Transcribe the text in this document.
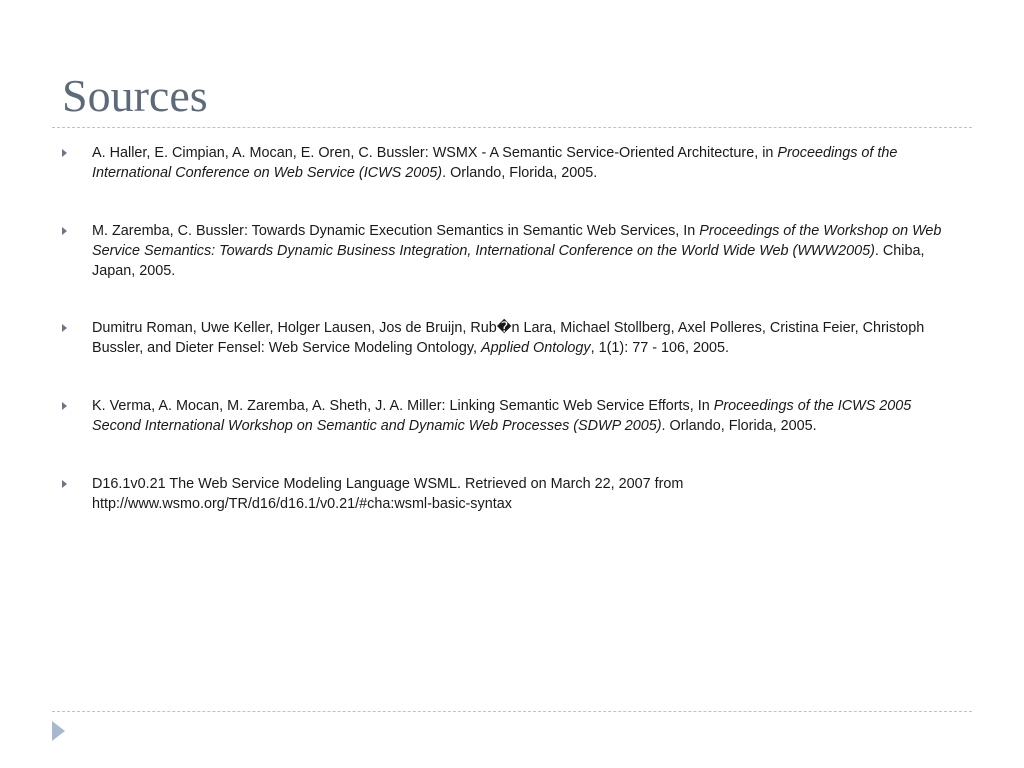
Sources
A. Haller, E. Cimpian, A. Mocan, E. Oren, C. Bussler: WSMX - A Semantic Service-Oriented Architecture, in Proceedings of the International Conference on Web Service (ICWS 2005). Orlando, Florida, 2005.
M. Zaremba, C. Bussler: Towards Dynamic Execution Semantics in Semantic Web Services, In Proceedings of the Workshop on Web Service Semantics: Towards Dynamic Business Integration, International Conference on the World Wide Web (WWW2005). Chiba, Japan, 2005.
Dumitru Roman, Uwe Keller, Holger Lausen, Jos de Bruijn, Rub�n Lara, Michael Stollberg, Axel Polleres, Cristina Feier, Christoph Bussler, and Dieter Fensel: Web Service Modeling Ontology, Applied Ontology, 1(1): 77 - 106, 2005.
K. Verma, A. Mocan, M. Zaremba, A. Sheth, J. A. Miller: Linking Semantic Web Service Efforts, In Proceedings of the ICWS 2005 Second International Workshop on Semantic and Dynamic Web Processes (SDWP 2005). Orlando, Florida, 2005.
D16.1v0.21 The Web Service Modeling Language WSML. Retrieved on March 22, 2007 from http://www.wsmo.org/TR/d16/d16.1/v0.21/#cha:wsml-basic-syntax
